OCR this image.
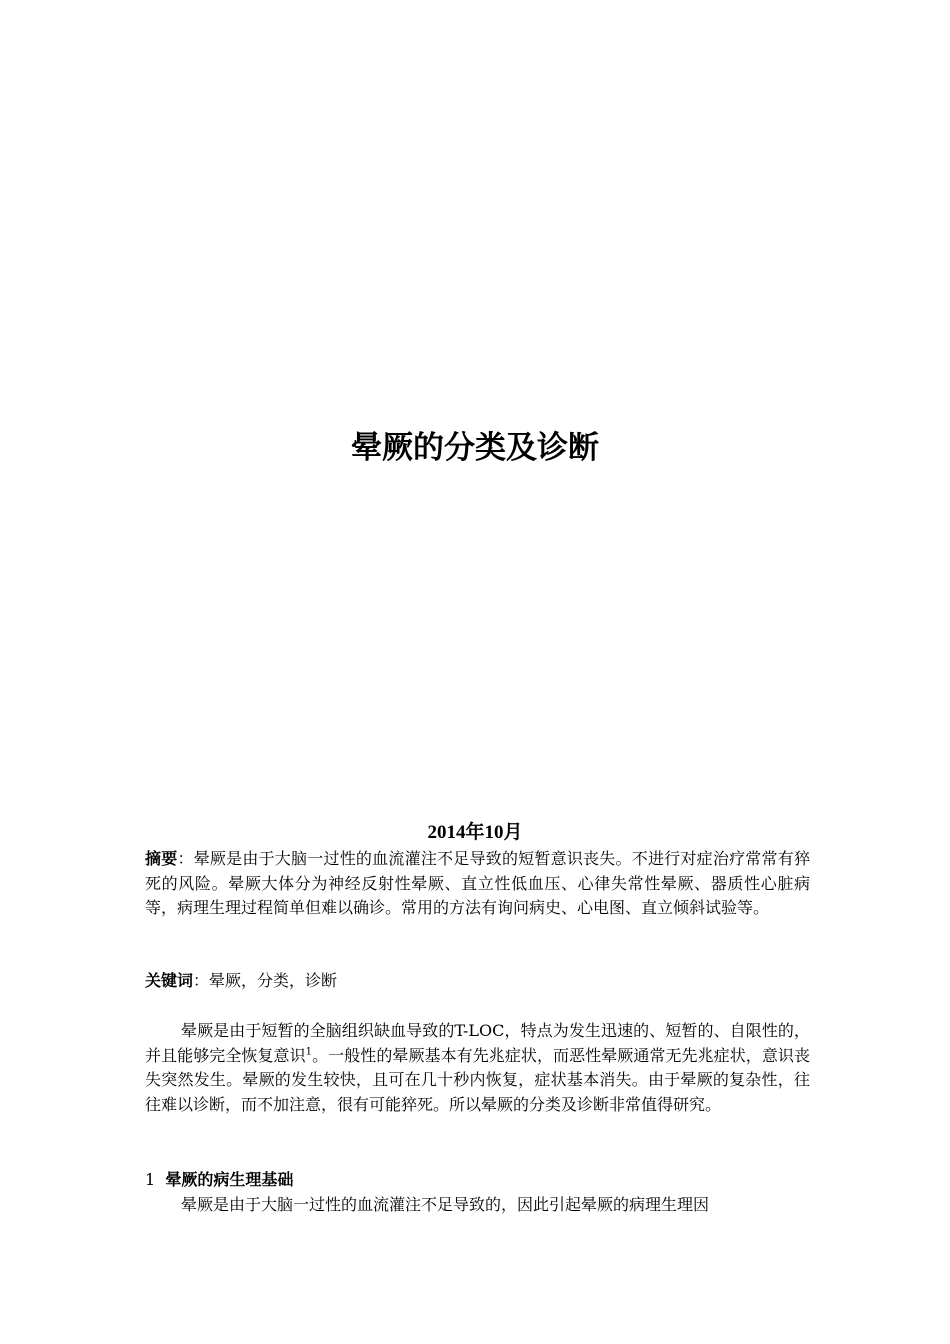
晕厥的分类及诊断
2014年10月
摘要：晕厥是由于大脑一过性的血流灌注不足导致的短暂意识丧失。不进行对症治疗常常有猝死的风险。晕厥大体分为神经反射性晕厥、直立性低血压、心律失常性晕厥、器质性心脏病等，病理生理过程简单但难以确诊。常用的方法有询问病史、心电图、直立倾斜试验等。
关键词：晕厥，分类，诊断
晕厥是由于短暂的全脑组织缺血导致的T-LOC，特点为发生迅速的、短暂的、自限性的，并且能够完全恢复意识$^1$。一般性的晕厥基本有先兆症状，而恶性晕厥通常无先兆症状，意识丧失突然发生。晕厥的发生较快，且可在几十秒内恢复，症状基本消失。由于晕厥的复杂性，往往难以诊断，而不加注意，很有可能猝死。所以晕厥的分类及诊断非常值得研究。
1 晕厥的病生理基础
晕厥是由于大脑一过性的血流灌注不足导致的，因此引起晕厥的病理生理因
